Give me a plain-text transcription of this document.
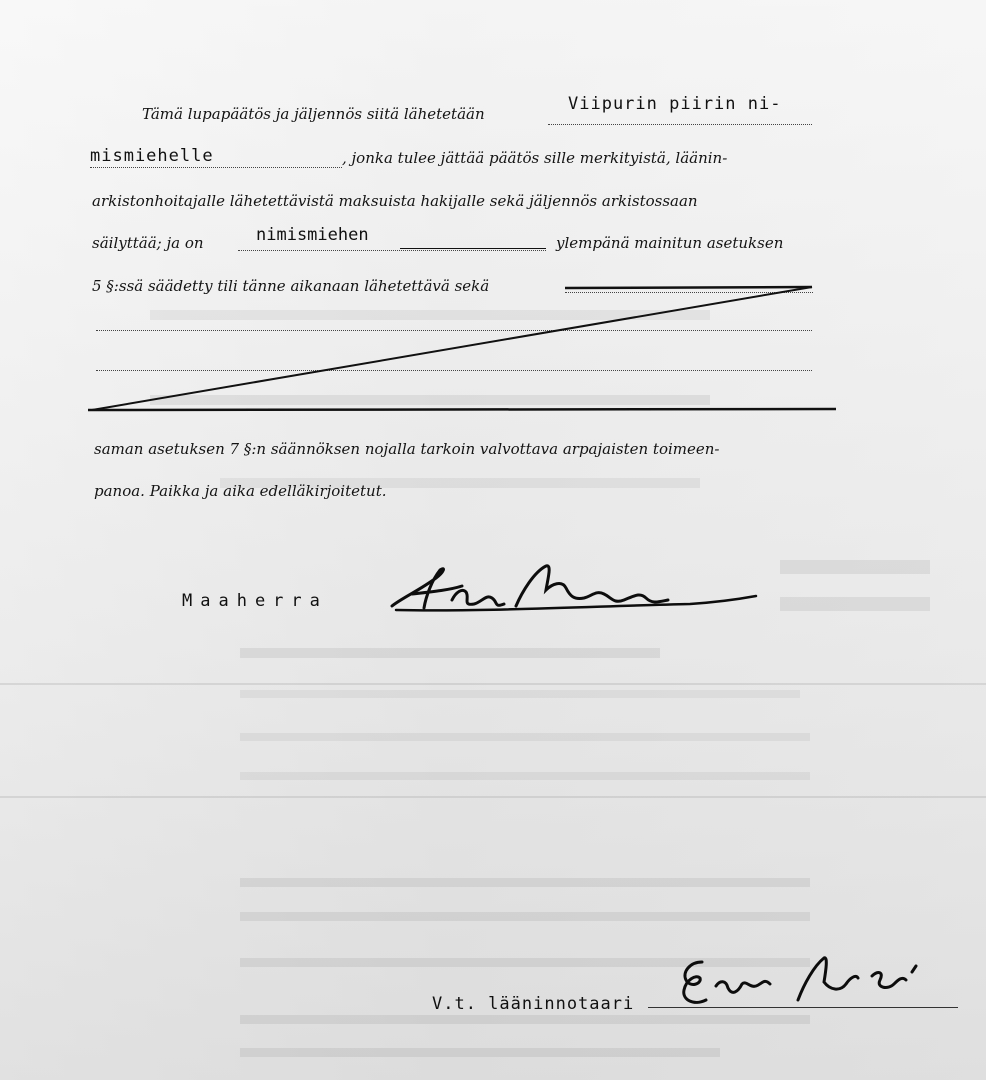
Tämä lupapäätös ja jäljennös siitä lähetetään	Viipurin piirin ni-
mismiehelle	, jonka tulee jättää päätös sille merkityistä, läänin-
arkistonhoitajalle lähetettävistä maksuista hakijalle sekä jäljennös arkistossaan
säilyttää; ja on	nimismiehen	ylempänä mainitun asetuksen
5 §:ssä säädetty tili tänne aikanaan lähetettävä sekä
saman asetuksen 7 §:n säännöksen nojalla tarkoin valvottava arpajaisten toimeen-
panoa. Paikka ja aika edelläkirjoitetut.
Maaherra
V.t. lääninnotaari
